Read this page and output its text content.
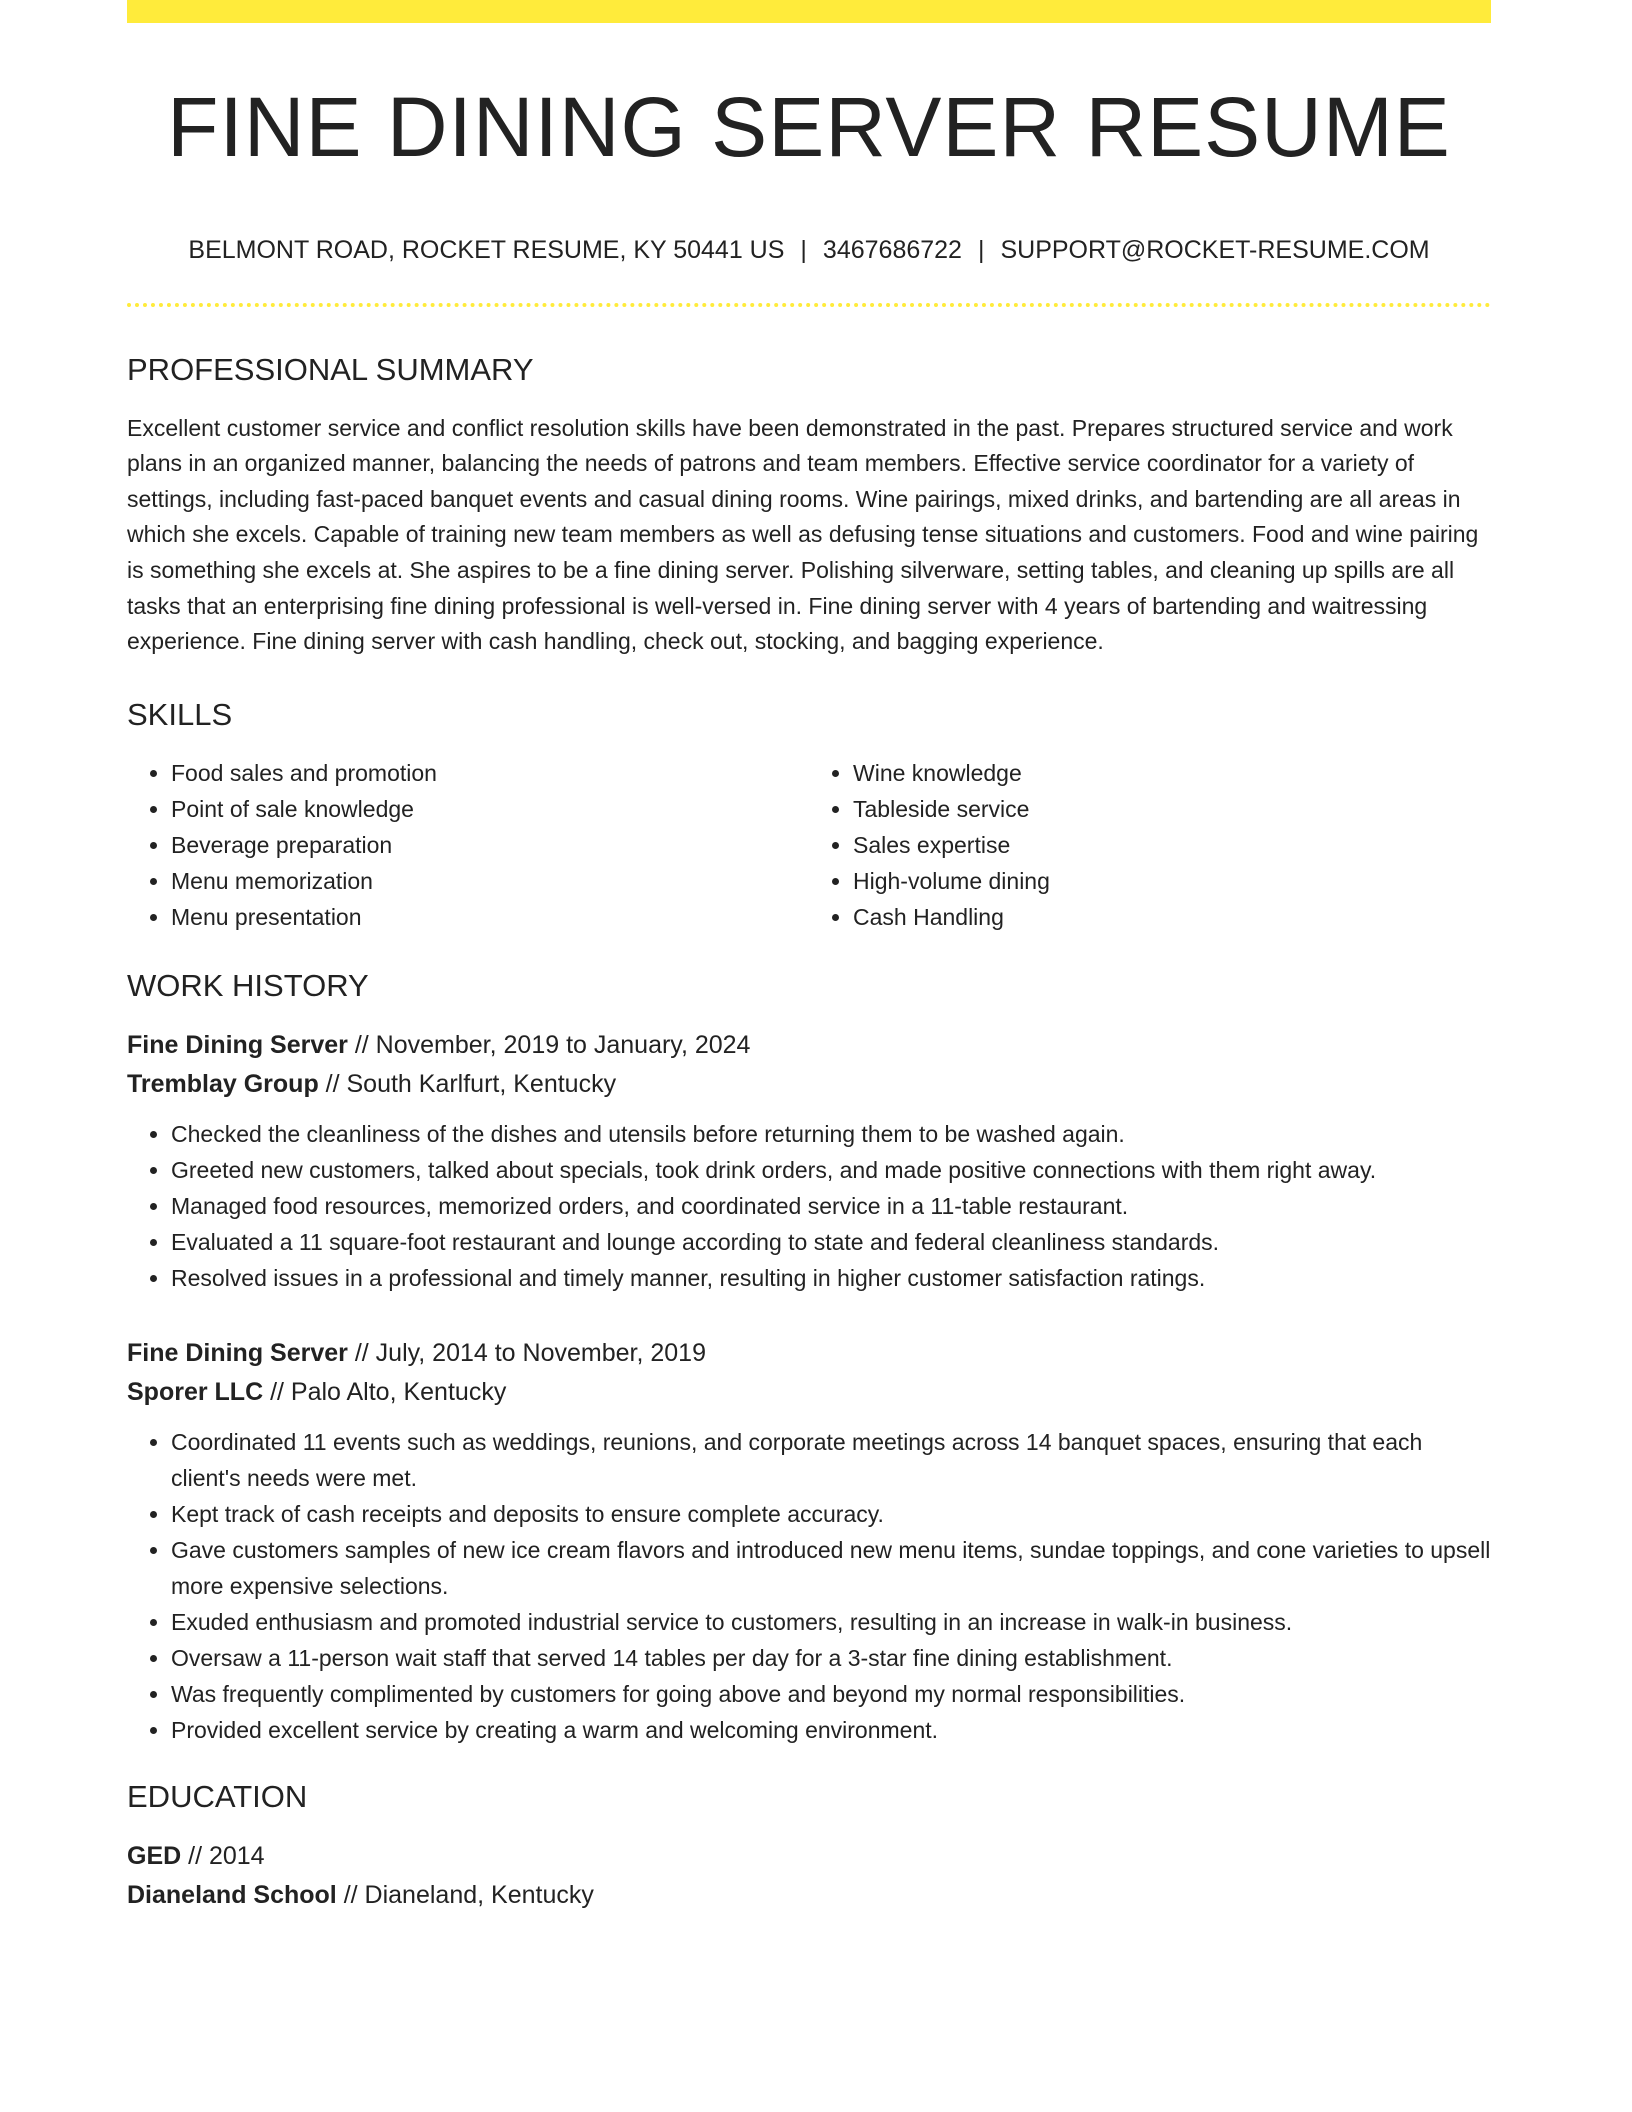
FINE DINING SERVER RESUME
BELMONT ROAD, ROCKET RESUME, KY 50441 US | 3467686722 | SUPPORT@ROCKET-RESUME.COM
PROFESSIONAL SUMMARY
Excellent customer service and conflict resolution skills have been demonstrated in the past. Prepares structured service and work plans in an organized manner, balancing the needs of patrons and team members. Effective service coordinator for a variety of settings, including fast-paced banquet events and casual dining rooms. Wine pairings, mixed drinks, and bartending are all areas in which she excels. Capable of training new team members as well as defusing tense situations and customers. Food and wine pairing is something she excels at. She aspires to be a fine dining server. Polishing silverware, setting tables, and cleaning up spills are all tasks that an enterprising fine dining professional is well-versed in. Fine dining server with 4 years of bartending and waitressing experience. Fine dining server with cash handling, check out, stocking, and bagging experience.
SKILLS
• Food sales and promotion
• Point of sale knowledge
• Beverage preparation
• Menu memorization
• Menu presentation
• Wine knowledge
• Tableside service
• Sales expertise
• High-volume dining
• Cash Handling
WORK HISTORY
Fine Dining Server // November, 2019 to January, 2024
Tremblay Group // South Karlfurt, Kentucky
• Checked the cleanliness of the dishes and utensils before returning them to be washed again.
• Greeted new customers, talked about specials, took drink orders, and made positive connections with them right away.
• Managed food resources, memorized orders, and coordinated service in a 11-table restaurant.
• Evaluated a 11 square-foot restaurant and lounge according to state and federal cleanliness standards.
• Resolved issues in a professional and timely manner, resulting in higher customer satisfaction ratings.
Fine Dining Server // July, 2014 to November, 2019
Sporer LLC // Palo Alto, Kentucky
• Coordinated 11 events such as weddings, reunions, and corporate meetings across 14 banquet spaces, ensuring that each client's needs were met.
• Kept track of cash receipts and deposits to ensure complete accuracy.
• Gave customers samples of new ice cream flavors and introduced new menu items, sundae toppings, and cone varieties to upsell more expensive selections.
• Exuded enthusiasm and promoted industrial service to customers, resulting in an increase in walk-in business.
• Oversaw a 11-person wait staff that served 14 tables per day for a 3-star fine dining establishment.
• Was frequently complimented by customers for going above and beyond my normal responsibilities.
• Provided excellent service by creating a warm and welcoming environment.
EDUCATION
GED // 2014
Dianeland School // Dianeland, Kentucky
